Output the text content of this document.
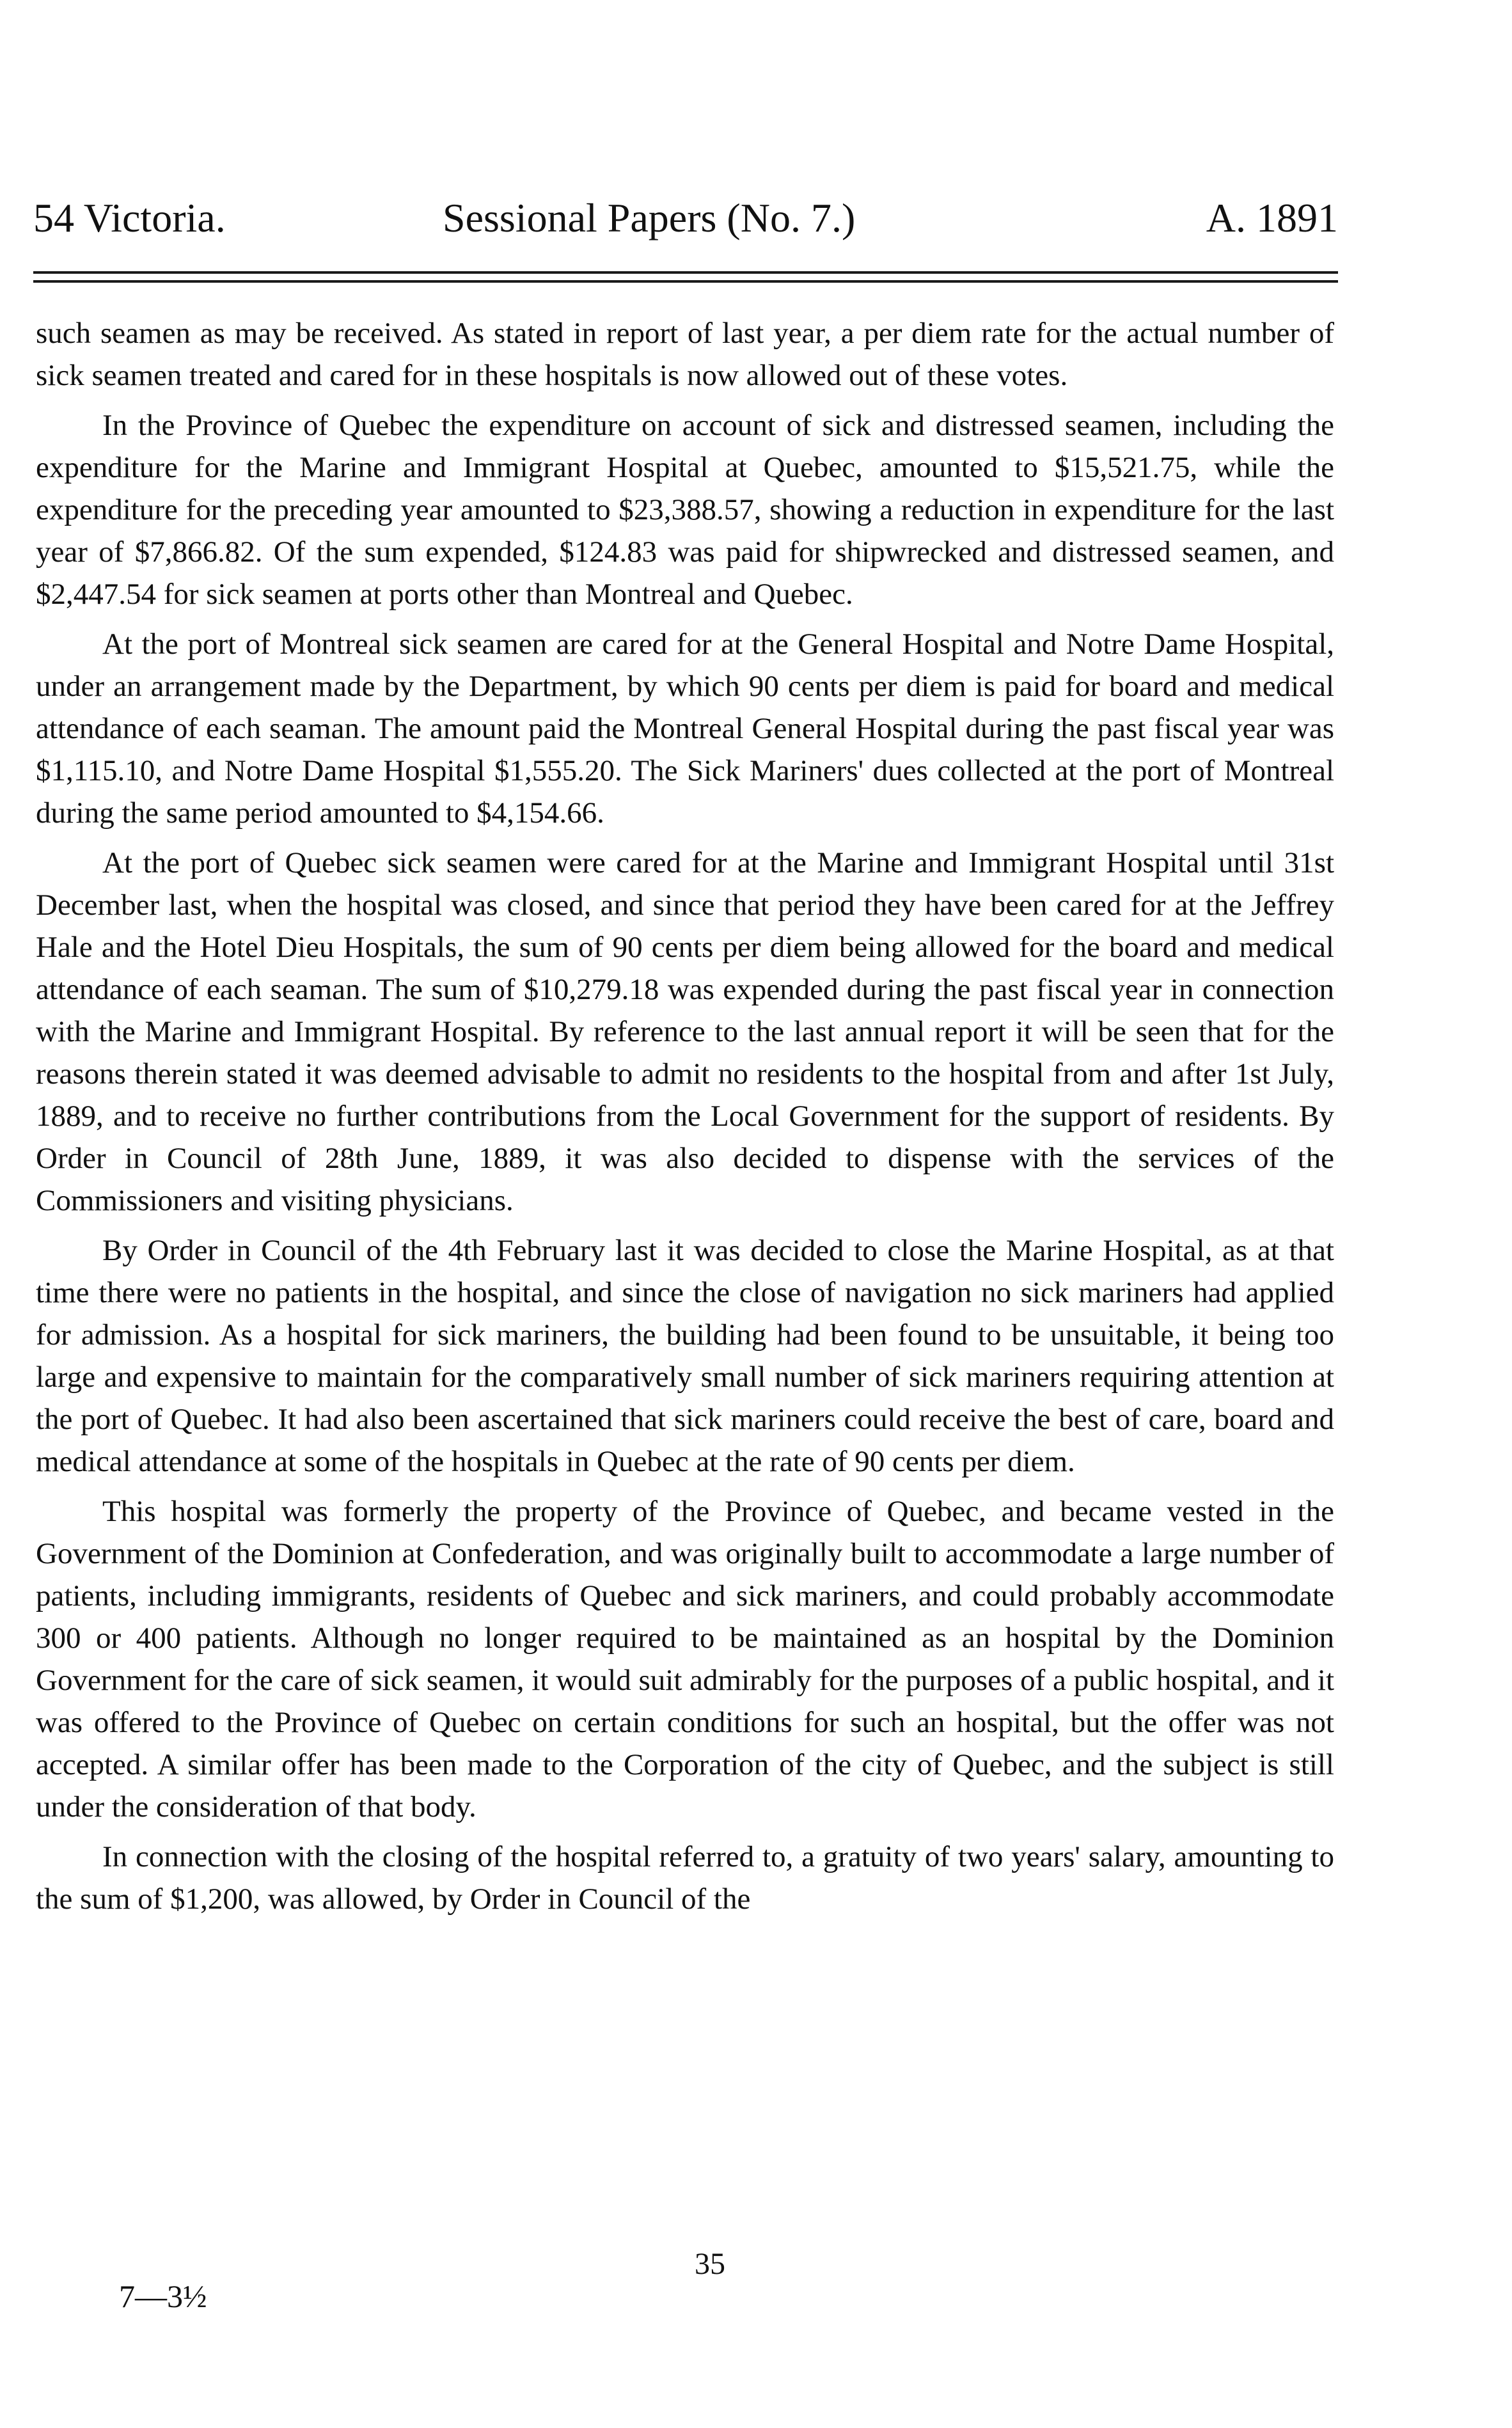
54 Victoria.	Sessional Papers (No. 7.)	A. 1891

such seamen as may be received. As stated in report of last year, a per diem rate for the actual number of sick seamen treated and cared for in these hospitals is now allowed out of these votes.

In the Province of Quebec the expenditure on account of sick and distressed seamen, including the expenditure for the Marine and Immigrant Hospital at Quebec, amounted to $15,521.75, while the expenditure for the preceding year amounted to $23,388.57, showing a reduction in expenditure for the last year of $7,866.82. Of the sum expended, $124.83 was paid for shipwrecked and distressed seamen, and $2,447.54 for sick seamen at ports other than Montreal and Quebec.

At the port of Montreal sick seamen are cared for at the General Hospital and Notre Dame Hospital, under an arrangement made by the Department, by which 90 cents per diem is paid for board and medical attendance of each seaman. The amount paid the Montreal General Hospital during the past fiscal year was $1,115.10, and Notre Dame Hospital $1,555.20. The Sick Mariners' dues collected at the port of Montreal during the same period amounted to $4,154.66.

At the port of Quebec sick seamen were cared for at the Marine and Immigrant Hospital until 31st December last, when the hospital was closed, and since that period they have been cared for at the Jeffrey Hale and the Hotel Dieu Hospitals, the sum of 90 cents per diem being allowed for the board and medical attendance of each seaman. The sum of $10,279.18 was expended during the past fiscal year in connection with the Marine and Immigrant Hospital. By reference to the last annual report it will be seen that for the reasons therein stated it was deemed advisable to admit no residents to the hospital from and after 1st July, 1889, and to receive no further contributions from the Local Government for the support of residents. By Order in Council of 28th June, 1889, it was also decided to dispense with the services of the Commissioners and visiting physicians.

By Order in Council of the 4th February last it was decided to close the Marine Hospital, as at that time there were no patients in the hospital, and since the close of navigation no sick mariners had applied for admission. As a hospital for sick mariners, the building had been found to be unsuitable, it being too large and expensive to maintain for the comparatively small number of sick mariners requiring attention at the port of Quebec. It had also been ascertained that sick mariners could receive the best of care, board and medical attendance at some of the hospitals in Quebec at the rate of 90 cents per diem.

This hospital was formerly the property of the Province of Quebec, and became vested in the Government of the Dominion at Confederation, and was originally built to accommodate a large number of patients, including immigrants, residents of Quebec and sick mariners, and could probably accommodate 300 or 400 patients. Although no longer required to be maintained as an hospital by the Dominion Government for the care of sick seamen, it would suit admirably for the purposes of a public hospital, and it was offered to the Province of Quebec on certain conditions for such an hospital, but the offer was not accepted. A similar offer has been made to the Corporation of the city of Quebec, and the subject is still under the consideration of that body.

In connection with the closing of the hospital referred to, a gratuity of two years' salary, amounting to the sum of $1,200, was allowed, by Order in Council of the

35
7—3½
